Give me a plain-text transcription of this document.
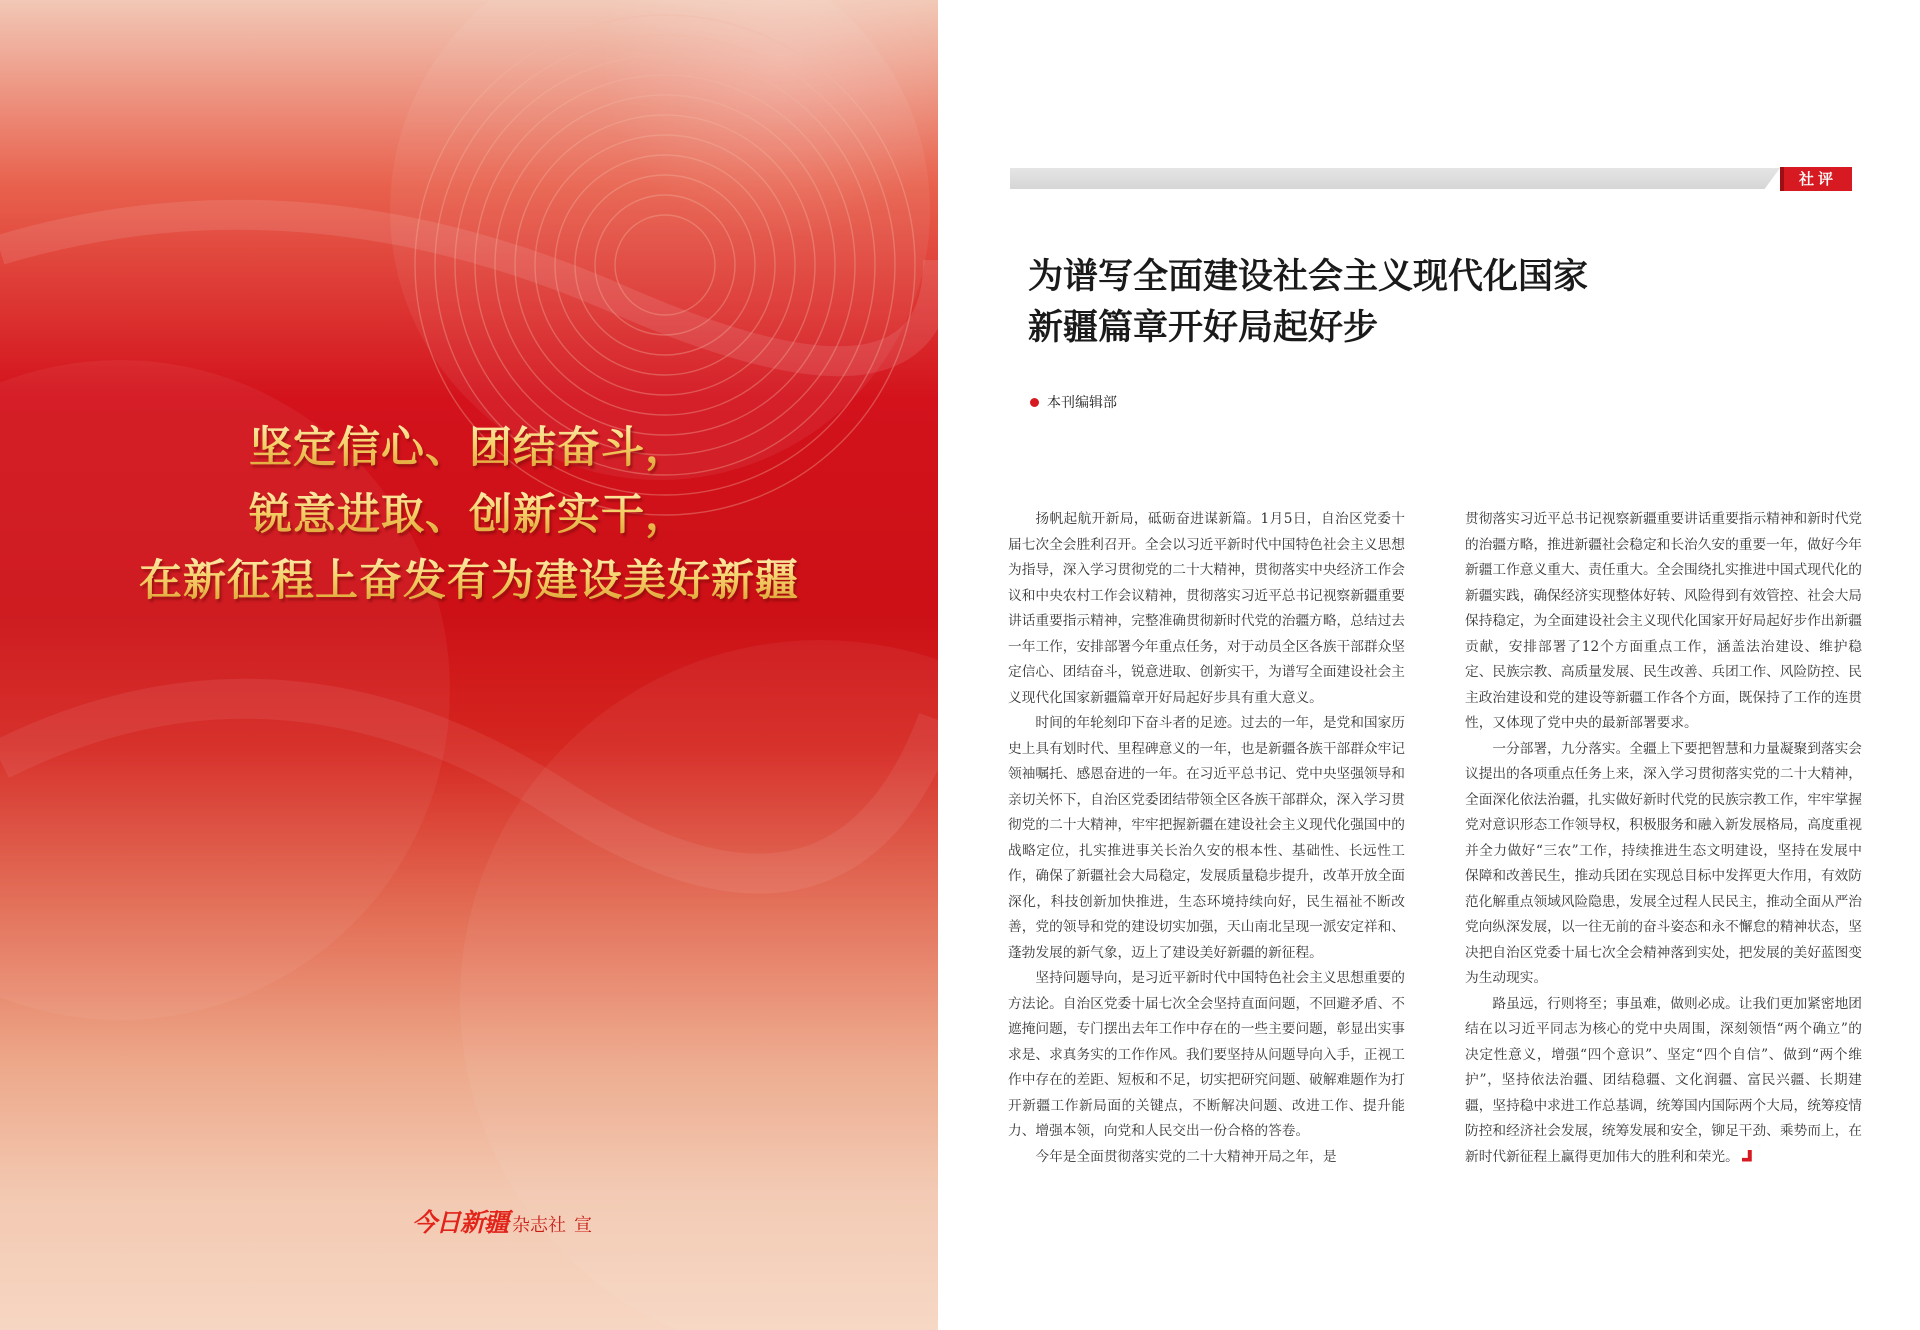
坚定信心、团结奋斗，
锐意进取、创新实干，
在新征程上奋发有为建设美好新疆
今日新疆 杂志社 宣
社评
为谱写全面建设社会主义现代化国家
新疆篇章开好局起好步
本刊编辑部

扬帆起航开新局，砥砺奋进谋新篇。1月5日，自治区党委十届七次全会胜利召开。全会以习近平新时代中国特色社会主义思想为指导，深入学习贯彻党的二十大精神，贯彻落实中央经济工作会议和中央农村工作会议精神，贯彻落实习近平总书记视察新疆重要讲话重要指示精神，完整准确贯彻新时代党的治疆方略，总结过去一年工作，安排部署今年重点任务，对于动员全区各族干部群众坚定信心、团结奋斗，锐意进取、创新实干，为谱写全面建设社会主义现代化国家新疆篇章开好局起好步具有重大意义。

时间的年轮刻印下奋斗者的足迹。过去的一年，是党和国家历史上具有划时代、里程碑意义的一年，也是新疆各族干部群众牢记领袖嘱托、感恩奋进的一年。在习近平总书记、党中央坚强领导和亲切关怀下，自治区党委团结带领全区各族干部群众，深入学习贯彻党的二十大精神，牢牢把握新疆在建设社会主义现代化强国中的战略定位，扎实推进事关长治久安的根本性、基础性、长远性工作，确保了新疆社会大局稳定，发展质量稳步提升，改革开放全面深化，科技创新加快推进，生态环境持续向好，民生福祉不断改善，党的领导和党的建设切实加强，天山南北呈现一派安定祥和、蓬勃发展的新气象，迈上了建设美好新疆的新征程。

坚持问题导向，是习近平新时代中国特色社会主义思想重要的方法论。自治区党委十届七次全会坚持直面问题，不回避矛盾、不遮掩问题，专门摆出去年工作中存在的一些主要问题，彰显出实事求是、求真务实的工作作风。我们要坚持从问题导向入手，正视工作中存在的差距、短板和不足，切实把研究问题、破解难题作为打开新疆工作新局面的关键点，不断解决问题、改进工作、提升能力、增强本领，向党和人民交出一份合格的答卷。

今年是全面贯彻落实党的二十大精神开局之年，是

贯彻落实习近平总书记视察新疆重要讲话重要指示精神和新时代党的治疆方略，推进新疆社会稳定和长治久安的重要一年，做好今年新疆工作意义重大、责任重大。全会围绕扎实推进中国式现代化的新疆实践，确保经济实现整体好转、风险得到有效管控、社会大局保持稳定，为全面建设社会主义现代化国家开好局起好步作出新疆贡献，安排部署了12个方面重点工作，涵盖法治建设、维护稳定、民族宗教、高质量发展、民生改善、兵团工作、风险防控、民主政治建设和党的建设等新疆工作各个方面，既保持了工作的连贯性，又体现了党中央的最新部署要求。

一分部署，九分落实。全疆上下要把智慧和力量凝聚到落实会议提出的各项重点任务上来，深入学习贯彻落实党的二十大精神，全面深化依法治疆，扎实做好新时代党的民族宗教工作，牢牢掌握党对意识形态工作领导权，积极服务和融入新发展格局，高度重视并全力做好“三农”工作，持续推进生态文明建设，坚持在发展中保障和改善民生，推动兵团在实现总目标中发挥更大作用，有效防范化解重点领域风险隐患，发展全过程人民民主，推动全面从严治党向纵深发展，以一往无前的奋斗姿态和永不懈怠的精神状态，坚决把自治区党委十届七次全会精神落到实处，把发展的美好蓝图变为生动现实。

路虽远，行则将至；事虽难，做则必成。让我们更加紧密地团结在以习近平同志为核心的党中央周围，深刻领悟“两个确立”的决定性意义，增强“四个意识”、坚定“四个自信”、做到“两个维护”，坚持依法治疆、团结稳疆、文化润疆、富民兴疆、长期建疆，坚持稳中求进工作总基调，统筹国内国际两个大局，统筹疫情防控和经济社会发展，统筹发展和安全，铆足干劲、乘势而上，在新时代新征程上赢得更加伟大的胜利和荣光。
